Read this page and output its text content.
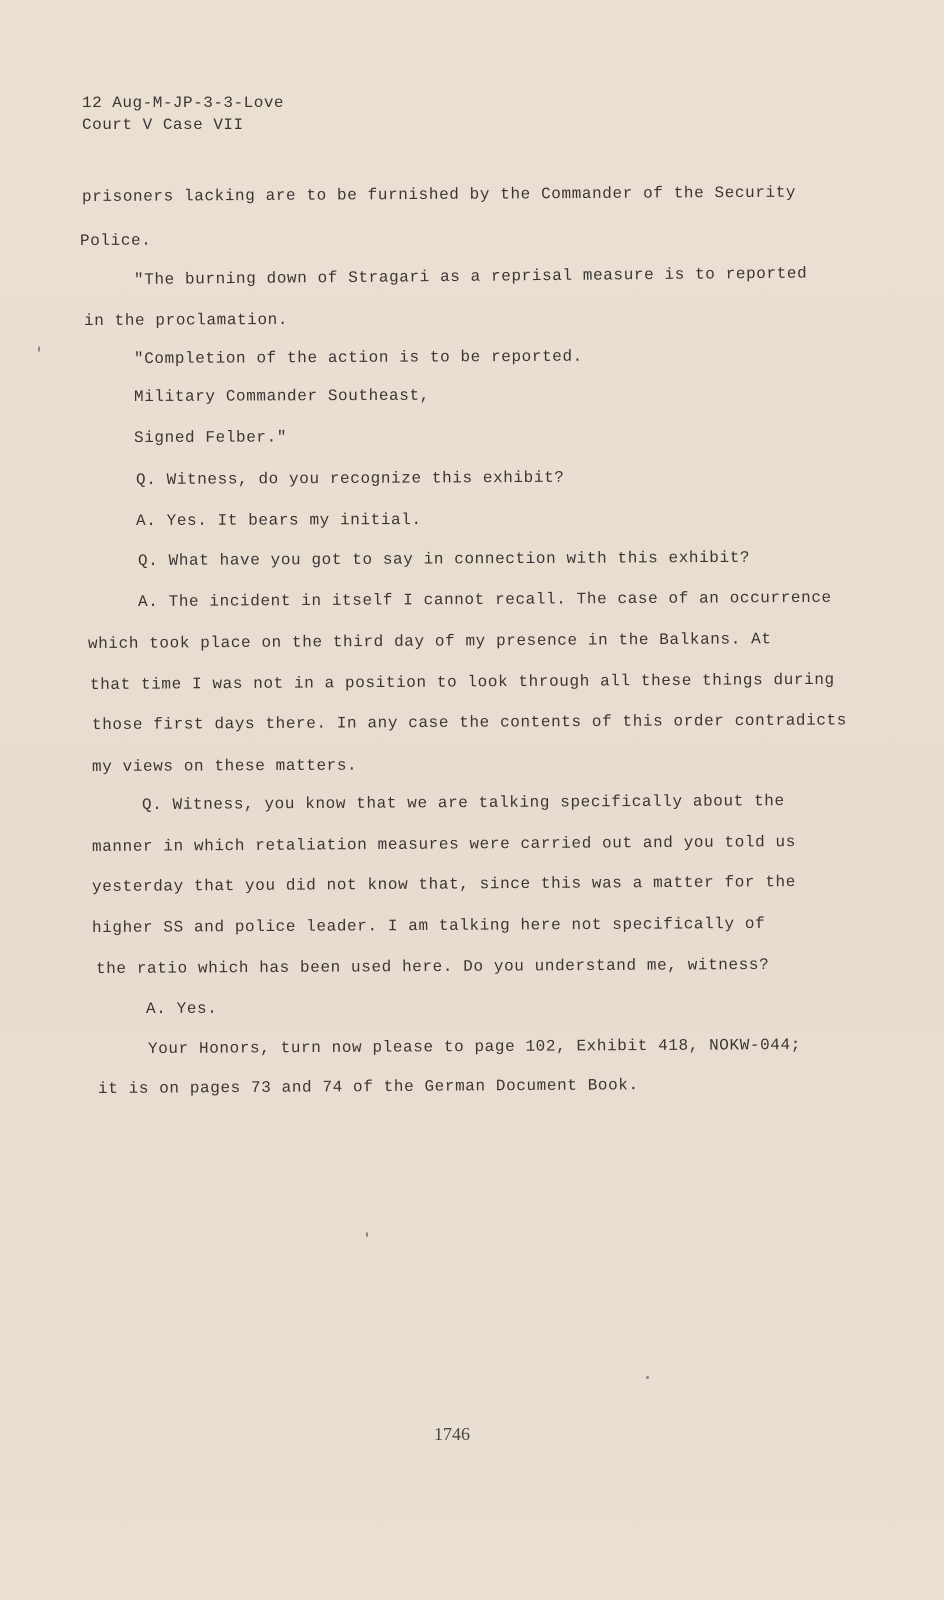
12 Aug-M-JP-3-3-Love
Court V Case VII
prisoners lacking are to be furnished by the Commander of the Security
Police.
"The burning down of Stragari as a reprisal measure is to reported
in the proclamation.
"Completion of the action is to be reported.
Military Commander Southeast,
Signed Felber."
Q. Witness, do you recognize this exhibit?
A. Yes. It bears my initial.
Q. What have you got to say in connection with this exhibit?
A. The incident in itself I cannot recall. The case of an occurrence
which took place on the third day of my presence in the Balkans. At
that time I was not in a position to look through all these things during
those first days there. In any case the contents of this order contradicts
my views on these matters.
Q. Witness, you know that we are talking specifically about the
manner in which retaliation measures were carried out and you told us
yesterday that you did not know that, since this was a matter for the
higher SS and police leader. I am talking here not specifically of
the ratio which has been used here. Do you understand me, witness?
A. Yes.
Your Honors, turn now please to page 102, Exhibit 418, NOKW-044;
it is on pages 73 and 74 of the German Document Book.
1746
